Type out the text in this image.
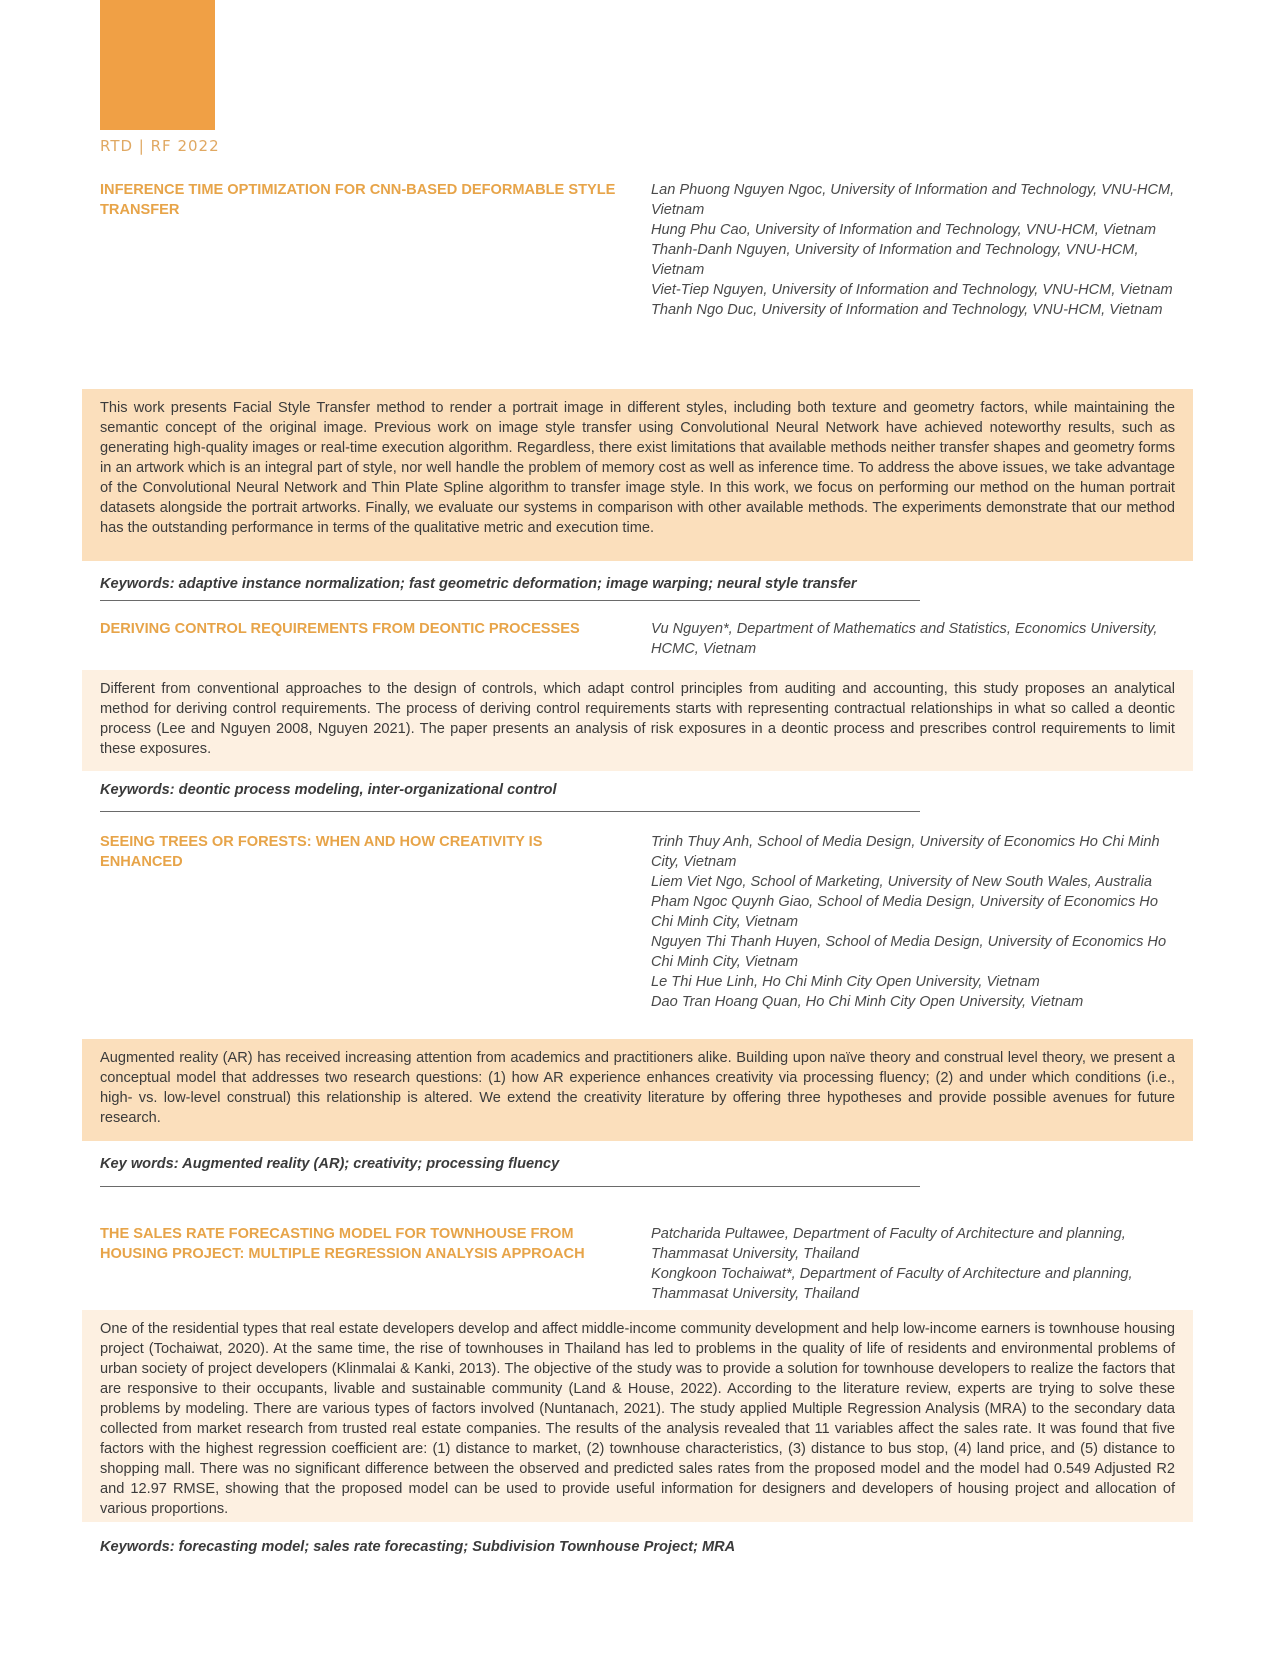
RTD | RF 2022
INFERENCE TIME OPTIMIZATION FOR CNN-BASED DEFORMABLE STYLE TRANSFER
Lan Phuong Nguyen Ngoc, University of Information and Technology, VNU-HCM, Vietnam
Hung Phu Cao, University of Information and Technology, VNU-HCM, Vietnam
Thanh-Danh Nguyen, University of Information and Technology, VNU-HCM, Vietnam
Viet-Tiep Nguyen, University of Information and Technology, VNU-HCM, Vietnam
Thanh Ngo Duc, University of Information and Technology, VNU-HCM, Vietnam

This work presents Facial Style Transfer method to render a portrait image in different styles, including both texture and geometry factors, while maintaining the semantic concept of the original image. Previous work on image style transfer using Convolutional Neural Network have achieved noteworthy results, such as generating high-quality images or real-time execution algorithm. Regardless, there exist limitations that available methods neither transfer shapes and geometry forms in an artwork which is an integral part of style, nor well handle the problem of memory cost as well as inference time. To address the above issues, we take advantage of the Convolutional Neural Network and Thin Plate Spline algorithm to transfer image style. In this work, we focus on performing our method on the human portrait datasets alongside the portrait artworks. Finally, we evaluate our systems in comparison with other available methods. The experiments demonstrate that our method has the outstanding performance in terms of the qualitative metric and execution time.

Keywords: adaptive instance normalization; fast geometric deformation; image warping; neural style transfer
DERIVING CONTROL REQUIREMENTS FROM DEONTIC PROCESSES	Vu Nguyen*, Department of Mathematics and Statistics, Economics University, HCMC, Vietnam

Different from conventional approaches to the design of controls, which adapt control principles from auditing and accounting, this study proposes an analytical method for deriving control requirements. The process of deriving control requirements starts with representing contractual relationships in what so called a deontic process (Lee and Nguyen 2008, Nguyen 2021). The paper presents an analysis of risk exposures in a deontic process and prescribes control requirements to limit these exposures.

Keywords: deontic process modeling, inter-organizational control
SEEING TREES OR FORESTS: WHEN AND HOW CREATIVITY IS ENHANCED
Trinh Thuy Anh, School of Media Design, University of Economics Ho Chi Minh City, Vietnam
Liem Viet Ngo, School of Marketing, University of New South Wales, Australia
Pham Ngoc Quynh Giao, School of Media Design, University of Economics Ho Chi Minh City, Vietnam
Nguyen Thi Thanh Huyen, School of Media Design, University of Economics Ho Chi Minh City, Vietnam
Le Thi Hue Linh, Ho Chi Minh City Open University, Vietnam
Dao Tran Hoang Quan, Ho Chi Minh City Open University, Vietnam

Augmented reality (AR) has received increasing attention from academics and practitioners alike. Building upon naïve theory and construal level theory, we present a conceptual model that addresses two research questions: (1) how AR experience enhances creativity via processing fluency; (2) and under which conditions (i.e., high- vs. low-level construal) this relationship is altered. We extend the creativity literature by offering three hypotheses and provide possible avenues for future research.

Key words: Augmented reality (AR); creativity; processing fluency
THE SALES RATE FORECASTING MODEL FOR TOWNHOUSE FROM HOUSING PROJECT: MULTIPLE REGRESSION ANALYSIS APPROACH
Patcharida Pultawee, Department of Faculty of Architecture and planning, Thammasat University, Thailand
Kongkoon Tochaiwat*, Department of Faculty of Architecture and planning, Thammasat University, Thailand

One of the residential types that real estate developers develop and affect middle-income community development and help low-income earners is townhouse housing project (Tochaiwat, 2020). At the same time, the rise of townhouses in Thailand has led to problems in the quality of life of residents and environmental problems of urban society of project developers (Klinmalai & Kanki, 2013). The objective of the study was to provide a solution for townhouse developers to realize the factors that are responsive to their occupants, livable and sustainable community (Land & House, 2022). According to the literature review, experts are trying to solve these problems by modeling. There are various types of factors involved (Nuntanach, 2021). The study applied Multiple Regression Analysis (MRA) to the secondary data collected from market research from trusted real estate companies. The results of the analysis revealed that 11 variables affect the sales rate. It was found that five factors with the highest regression coefficient are: (1) distance to market, (2) townhouse characteristics, (3) distance to bus stop, (4) land price, and (5) distance to shopping mall. There was no significant difference between the observed and predicted sales rates from the proposed model and the model had 0.549 Adjusted R2 and 12.97 RMSE, showing that the proposed model can be used to provide useful information for designers and developers of housing project and allocation of various proportions.

Keywords: forecasting model; sales rate forecasting; Subdivision Townhouse Project; MRA
